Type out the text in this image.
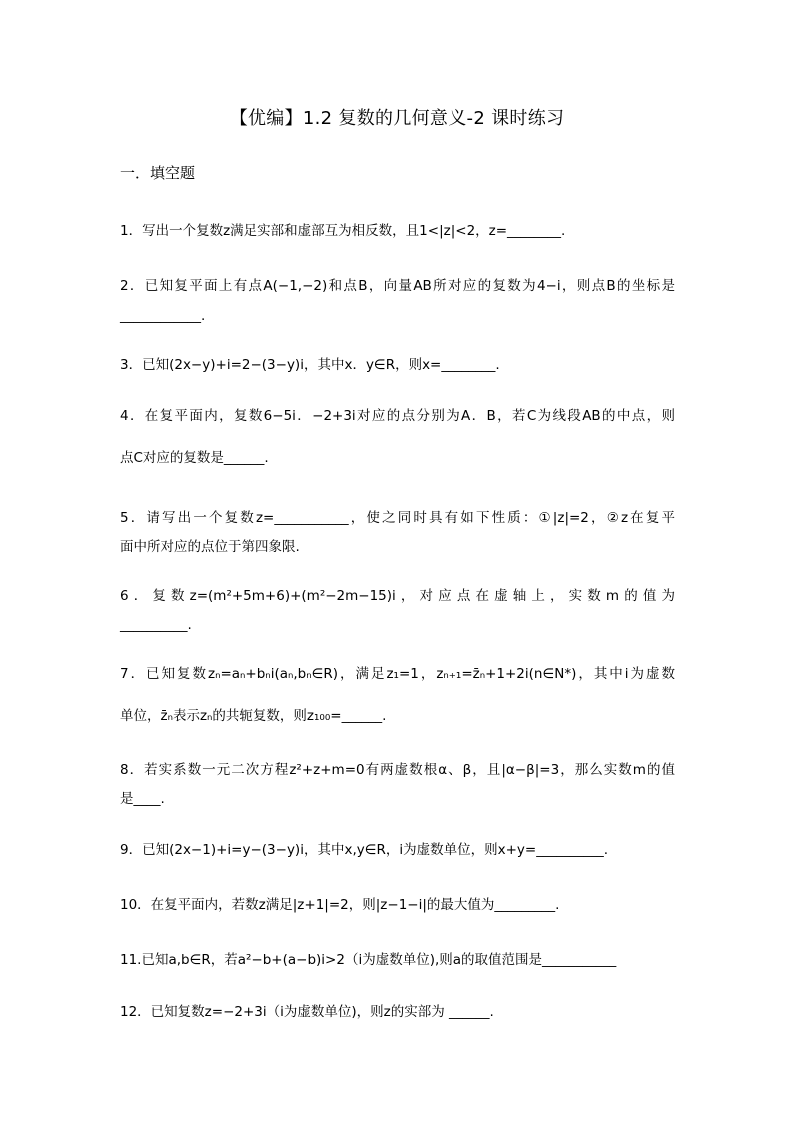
【优编】1.2 复数的几何意义-2 课时练习
一．填空题
1．写出一个复数z满足实部和虚部互为相反数，且1<|z|<2，z=________.
2．已知复平面上有点A(−1,−2)和点B，向量AB所对应的复数为4−i，则点B的坐标是
____________.
3．已知(2x−y)+i=2−(3−y)i，其中x．y∈R，则x=________.
4．在复平面内，复数6−5i．−2+3i对应的点分别为A．B，若C为线段AB的中点，则
点C对应的复数是______.
5．请写出一个复数z=___________，使之同时具有如下性质：①|z|=2，②z在复平
面中所对应的点位于第四象限.
6．复数z=(m²+5m+6)+(m²−2m−15)i，对应点在虚轴上，实数m的值为
__________.
7．已知复数zₙ=aₙ+bₙi(aₙ,bₙ∈R)，满足z₁=1，zₙ₊₁=z̄ₙ+1+2i(n∈N*)，其中i为虚数
单位，z̄ₙ表示zₙ的共轭复数，则z₁₀₀=______.
8．若实系数一元二次方程z²+z+m=0有两虚数根α、β，且|α−β|=3，那么实数m的值
是____.
9．已知(2x−1)+i=y−(3−y)i，其中x,y∈R，i为虚数单位，则x+y=__________.
10．在复平面内，若数z满足|z+1|=2，则|z−1−i|的最大值为_________.
11.已知a,b∈R，若a²−b+(a−b)i>2（i为虚数单位),则a的取值范围是___________
12．已知复数z=−2+3i（i为虚数单位)，则z的实部为 ______.
